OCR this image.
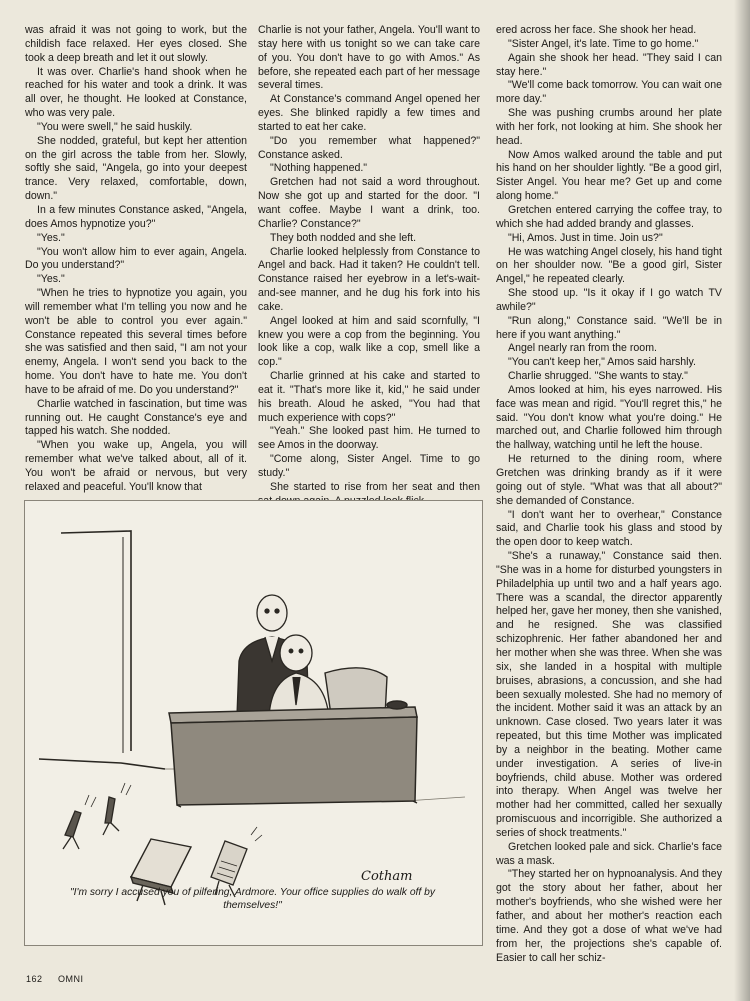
was afraid it was not going to work, but the childish face relaxed. Her eyes closed. She took a deep breath and let it out slowly.

It was over. Charlie's hand shook when he reached for his water and took a drink. It was all over, he thought. He looked at Constance, who was very pale.

"You were swell," he said huskily.

She nodded, grateful, but kept her attention on the girl across the table from her. Slowly, softly she said, "Angela, go into your deepest trance. Very relaxed, comfortable, down, down."

In a few minutes Constance asked, "Angela, does Amos hypnotize you?"

"Yes."

"You won't allow him to ever again, Angela. Do you understand?"

"Yes."

"When he tries to hypnotize you again, you will remember what I'm telling you now and he won't be able to control you ever again." Constance repeated this several times before she was satisfied and then said, "I am not your enemy, Angela. I won't send you back to the home. You don't have to hate me. You don't have to be afraid of me. Do you understand?"

Charlie watched in fascination, but time was running out. He caught Constance's eye and tapped his watch. She nodded.

"When you wake up, Angela, you will remember what we've talked about, all of it. You won't be afraid or nervous, but very relaxed and peaceful. You'll know that

Charlie is not your father, Angela. You'll want to stay here with us tonight so we can take care of you. You don't have to go with Amos." As before, she repeated each part of her message several times.

At Constance's command Angel opened her eyes. She blinked rapidly a few times and started to eat her cake.

"Do you remember what happened?" Constance asked.

"Nothing happened."

Gretchen had not said a word throughout. Now she got up and started for the door. "I want coffee. Maybe I want a drink, too. Charlie? Constance?"

They both nodded and she left.

Charlie looked helplessly from Constance to Angel and back. Had it taken? He couldn't tell. Constance raised her eyebrow in a let's-wait-and-see manner, and he dug his fork into his cake.

Angel looked at him and said scornfully, "I knew you were a cop from the beginning. You look like a cop, walk like a cop, smell like a cop."

Charlie grinned at his cake and started to eat it. "That's more like it, kid," he said under his breath. Aloud he asked, "You had that much experience with cops?"

"Yeah." She looked past him. He turned to see Amos in the doorway.

"Come along, Sister Angel. Time to go study."

She started to rise from her seat and then

ered across her face. She shook her head.

"Sister Angel, it's late. Time to go home."

Again she shook her head. "They said I can stay here."

"We'll come back tomorrow. You can wait one more day."

She was pushing crumbs around her plate with her fork, not looking at him. She shook her head.

Now Amos walked around the table and put his hand on her shoulder lightly. "Be a good girl, Sister Angel. You hear me? Get up and come along home."

Gretchen entered carrying the coffee tray, to which she had added brandy and glasses.

"Hi, Amos. Just in time. Join us?"

He was watching Angel closely, his hand tight on her shoulder now. "Be a good girl, Sister Angel," he repeated clearly.

She stood up. "Is it okay if I go watch TV awhile?"

"Run along," Constance said. "We'll be in here if you want anything."

Angel nearly ran from the room.

"You can't keep her," Amos said harshly.

Charlie shrugged. "She wants to stay."

Amos looked at him, his eyes narrowed. His face was mean and rigid. "You'll regret this," he said. "You don't know what you're doing." He marched out, and Charlie followed him through the hallway, watching until he left the house.

He returned to the dining room, where Gretchen was drinking brandy as if it were going out of style. "What was that all about?" she demanded of Constance.

"I don't want her to overhear," Constance said, and Charlie took his glass and stood by the open door to keep watch.

"She's a runaway," Constance said then. "She was in a home for disturbed youngsters in Philadelphia up until two and a half years ago. There was a scandal, the director apparently helped her, gave her money, then she vanished, and he resigned. She was classified schizophrenic. Her father abandoned her and her mother when she was three. When she was six, she landed in a hospital with multiple bruises, abrasions, a concussion, and she had been sexually molested. She had no memory of the incident. Mother said it was an attack by an unknown. Case closed. Two years later it was repeated, but this time Mother was implicated by a neighbor in the beating. Mother came under investigation. A series of live-in boyfriends, child abuse. Mother was ordered into therapy. When Angel was twelve her mother had her committed, called her sexually promiscuous and incorrigible. She authorized a series of shock treatments."

Gretchen looked pale and sick. Charlie's face was a mask.

"They started her on hypnoanalysis. And they got the story about her father, about her mother's boyfriends, who she wished were her father, and about her mother's reaction each time. And they got a dose of what we've had from her, the projections she's capable of. Easier to call her schiz-

Cotham
"I'm sorry I accused you of pilfering, Ardmore. Your office supplies do walk off by themselves!"
162 OMNI
